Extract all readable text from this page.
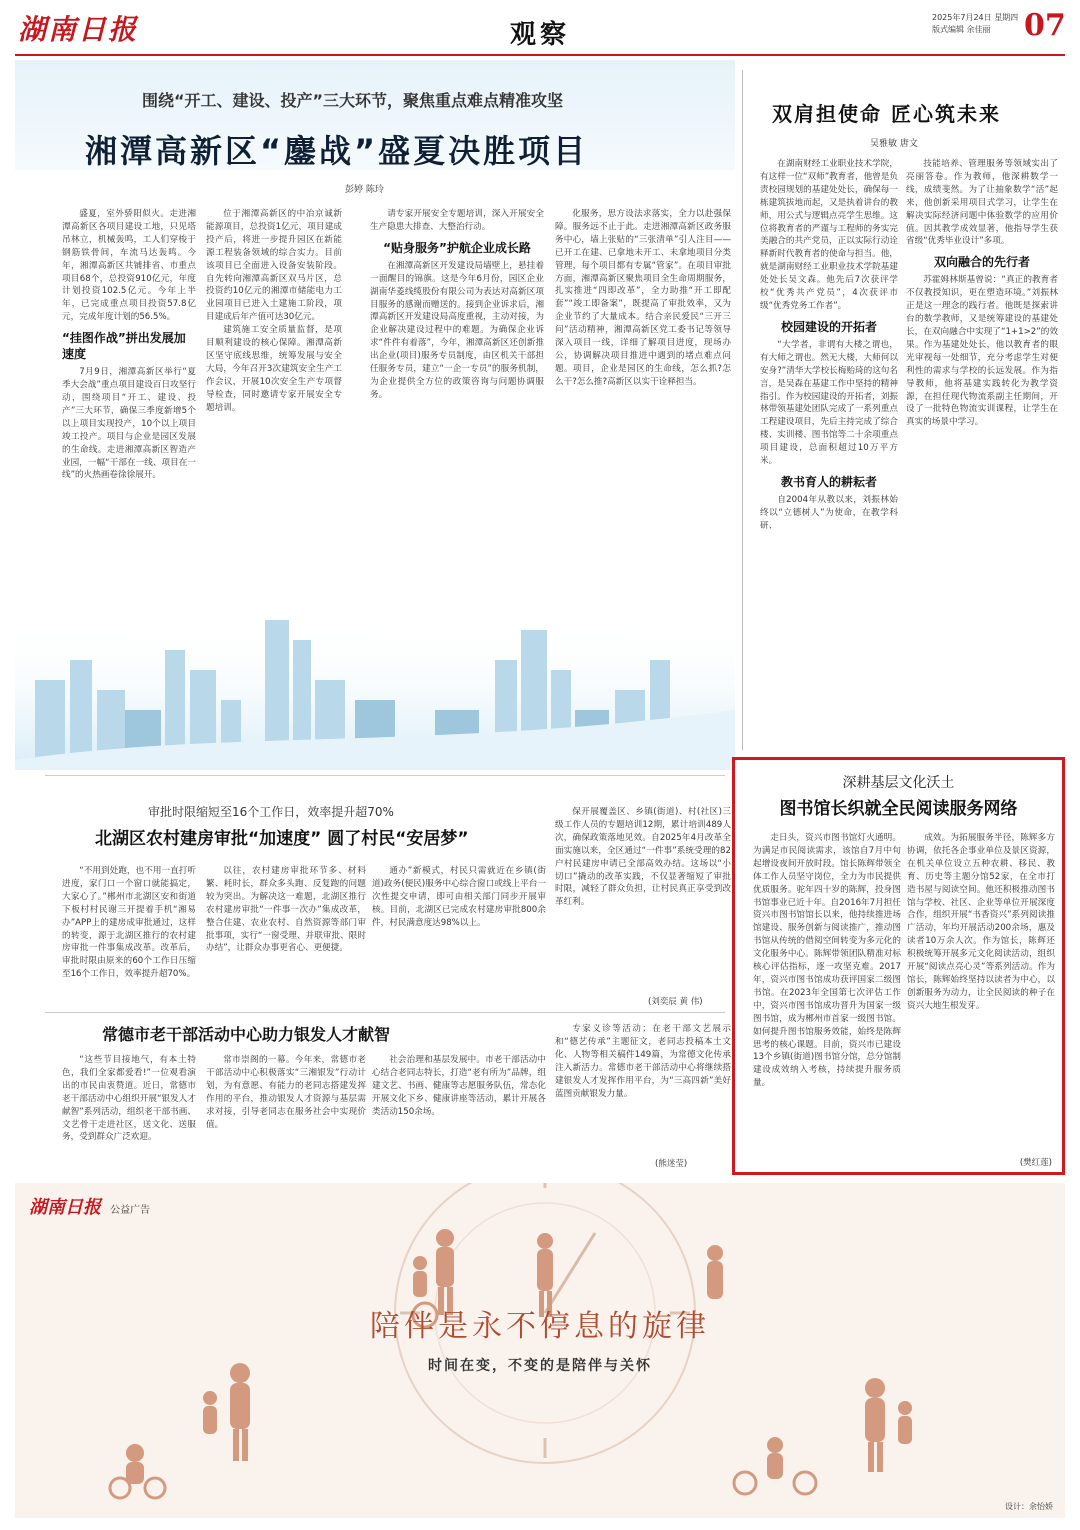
湖南日报	观察
2025年7月24日 星期四
版式编辑 余佳丽	07
围绕“开工、建设、投产”三大环节，聚焦重点难点精准攻坚
湘潭高新区“鏖战”盛夏决胜项目
彭婷 陈玲

盛夏，室外骄阳似火。走进湘潭高新区各项目建设工地，只见塔吊林立，机械轰鸣，工人们穿梭于钢筋铁骨间，车流马达轰鸣。今年，湘潭高新区共铺排省、市重点项目68个，总投资910亿元，年度计划投资102.5亿元。今年上半年，已完成重点项目投资57.8亿元，完成年度计划的56.5%。

“挂图作战”拼出发展加速度

7月9日，湘潭高新区举行“夏季大会战”重点项目建设百日攻坚行动，围绕项目“开工、建设、投产”三大环节，确保三季度新增5个以上项目实现投产，10个以上项目竣工投产。项目与企业是园区发展的生命线。走进湘潭高新区智造产业园，一幅“干部在一线、项目在一线”的火热画卷徐徐展开。

位于湘潭高新区的中冶京诚新能源项目，总投资1亿元，项目建成投产后，将进一步提升园区在新能源工程装备领域的综合实力。目前该项目已全面进入设备安装阶段。自先转向湘潭高新区双马片区，总投资约10亿元的湘潭市储能电力工业园项目已进入土建施工阶段，项目建成后年产值可达30亿元。

建筑施工安全质量监督，是项目顺利建设的核心保障。湘潭高新区坚守底线思维，统筹发展与安全大局，今年召开3次建筑安全生产工作会议，开展10次安全生产专项督导检查，同时邀请专家开展安全专题培训。

请专家开展安全专题培训，深入开展安全生产隐患大排查、大整治行动。

“贴身服务”护航企业成长路

在湘潭高新区开发建设局墙壁上，悬挂着一面醒目的锦旗。这是今年6月份，园区企业湖南华菱线缆股份有限公司为表达对高新区项目服务的感谢而赠送的。接到企业诉求后，湘潭高新区开发建设局高度重视，主动对接，为企业解决建设过程中的难题。为确保企业诉求“件件有着落”，今年，湘潭高新区还创新推出企业(项目)服务专员制度，由区机关干部担任服务专员，建立“一企一专员”的服务机制，为企业提供全方位的政策咨询与问题协调服务。

化服务，思方设法求落实，全力以赴强保障。服务远不止于此。走进湘潭高新区政务服务中心，墙上张贴的“三张清单”引人注目——已开工在建、已拿地未开工、未拿地项目分类管理，每个项目都有专属“管家”。在项目审批方面，湘潭高新区聚焦项目全生命周期服务，扎实推进“四即改革”，全力助推“开工即配套”“竣工即备案”，既提高了审批效率，又为企业节约了大量成本。结合亲民爱民“三开三问”活动精神，湘潭高新区党工委书记等领导深入项目一线，详细了解项目进度，现场办公，协调解决项目推进中遇到的堵点难点问题。项目，企业是园区的生命线，怎么抓?怎么干?怎么推?高新区以实干诠释担当。

双肩担使命 匠心筑未来
吴雅敏 唐文

在湖南财经工业职业技术学院，有这样一位“双师”教育者，他曾是负责校园规划的基建处处长，确保每一栋建筑拔地而起，又是执着讲台的教师，用公式与逻辑点亮学生思维。这位将教育者的严谨与工程师的务实完美融合的共产党员，正以实际行动诠释新时代教育者的使命与担当。他，就是湖南财经工业职业技术学院基建处处长吴文森。他先后7次获评学校“优秀共产党员”，4次获评市级“优秀党务工作者”。

校园建设的开拓者

“大学者，非谓有大楼之谓也，有大师之谓也。然无大楼，大师何以安身?”清华大学校长梅贻琦的这句名言，是吴森在基建工作中坚持的精神指引。作为校园建设的开拓者，刘振林带领基建处团队完成了一系列重点工程建设项目，先后主持完成了综合楼、实训楼、图书馆等二十余项重点项目建设，总面积超过10万平方米。

教书育人的耕耘者

自2004年从教以来，刘振林始终以“立德树人”为使命，在教学科研、

技能培养、管理服务等领域实出了亮丽答卷。作为教师，他深耕数学一线，成绩斐然。为了让抽象数学“活”起来，他创新采用项目式学习，让学生在解决实际经济问题中体验数学的应用价值。因其教学成效显著，他指导学生获省级“优秀毕业设计”多项。

双向融合的先行者

苏霍姆林斯基曾说：“真正的教育者不仅教授知识，更在塑造环境。”刘振林正是这一理念的践行者。他既是探索讲台的数学教师，又是统筹建设的基建处长，在双向融合中实现了“1+1>2”的效果。作为基建处处长，他以教育者的眼光审视每一处细节，充分考虑学生对便利性的需求与学校的长远发展。作为指导教师，他将基建实践转化为教学资源，在担任现代物流系副主任期间，开设了一批特色物流实训课程，让学生在真实的场景中学习。

深耕基层文化沃土
图书馆长织就全民阅读服务网络

走日头，资兴市图书馆灯火通明。为满足市民阅读需求，该馆自7月中旬起增设夜间开放时段。馆长陈辉带领全体工作人员坚守岗位，全力为市民提供优质服务。驼年四十岁的陈辉，投身图书馆事业已近十年。自2016年7月担任资兴市图书馆馆长以来，他持续推进场馆建设、服务创新与阅读推广，推动图书馆从传统的借阅空间转变为多元化的文化服务中心。陈辉带领团队精准对标核心评估指标，逐一攻坚克难。2017年，资兴市图书馆成功获评国家二级图书馆。在2023年全国第七次评估工作中，资兴市图书馆成功晋升为国家一级图书馆，成为郴州市首家一级图书馆。如何提升图书馆服务效能，始终是陈辉思考的核心课题。目前，资兴市已建设13个乡镇(街道)图书馆分馆，总分馆制建设成效纳入考核，持续提升服务质量。

成效。为拓展服务半径，陈辉多方协调，依托各企事业单位及景区资源，在机关单位设立五种农耕、移民、教育、历史等主题分馆52家，在全市打造书屋与阅读空间。他还积极推动图书馆与学校、社区、企业等单位开展深度合作，组织开展“书香资兴”系列阅读推广活动，年均开展活动200余场，惠及读者10万余人次。作为馆长，陈辉还积极统筹开展多元文化阅读活动，组织开展“阅读点亮心灵”等系列活动。作为馆长，陈辉始终坚持以读者为中心，以创新服务为动力，让全民阅读的种子在资兴大地生根发芽。

(樊红莲)
审批时限缩短至16个工作日，效率提升超70%
北湖区农村建房审批“加速度” 圆了村民“安居梦”

“不用到处跑，也不用一直打听进度，家门口一个窗口就能搞定，大家心了。”郴州市北湖区安和街道下板村村民谢三开提着手机“湘易办”APP上的建房成审批通过，这样的转变，源于北湖区推行的农村建房审批一件事集成改革。改革后，审批时限由原来的60个工作日压缩至16个工作日，效率提升超70%。

以往，农村建房审批环节多、材料繁、耗时长，群众多头跑、反复跑的问题较为突出。为解决这一难题，北湖区推行农村建房审批“一件事一次办”集成改革，整合住建、农业农村、自然资源等部门审批事项，实行“一窗受理、并联审批、限时办结”，让群众办事更省心、更便捷。

通办”新模式，村民只需就近在乡镇(街道)政务(便民)服务中心综合窗口或线上平台一次性提交申请，即可由相关部门同步开展审核。目前，北湖区已完成农村建房审批800余件，村民满意度达98%以上。

保开展覆盖区、乡镇(街道)、村(社区)三级工作人员的专题培训12期，累计培训489人次，确保政策落地见效。自2025年4月改革全面实施以来，全区通过“一件事”系统受理的82户村民建房申请已全部高效办结。这场以“小切口”撬动的改革实践，不仅显著缩短了审批时限，减轻了群众负担，让村民真正享受到改革红利。

(刘奕辰 黄 伟)
常德市老干部活动中心助力银发人才献智

“这些节目接地气，有本土特色，我们全家都爱看!”一位观看演出的市民由衷赞道。近日，常德市老干部活动中心组织开展“银发人才献智”系列活动，组织老干部书画、文艺骨干走进社区，送文化、送服务，受到群众广泛欢迎。

常市崇阁的一幕。今年来，常德市老干部活动中心积极落实“三湘银发”行动计划，为有意愿、有能力的老同志搭建发挥作用的平台，推动银发人才资源与基层需求对接，引导老同志在服务社会中实现价值。

社会治理和基层发展中。市老干部活动中心结合老同志特长，打造“老有所为”品牌，组建文艺、书画、健康等志愿服务队伍，常态化开展文化下乡、健康讲座等活动，累计开展各类活动150余场。

专家义诊等活动；在老干部文艺展示和“德艺传承”主题征文，老同志投稿本土文化、人物等相关稿件149篇，为常德文化传承注入新活力。常德市老干部活动中心将继续搭建银发人才发挥作用平台，为“三高四新”美好蓝图贡献银发力量。

(熊迷莹)
湖南日报 公益广告
陪伴是永不停息的旋律
时间在变，不变的是陪伴与关怀
设计：余怡娇
